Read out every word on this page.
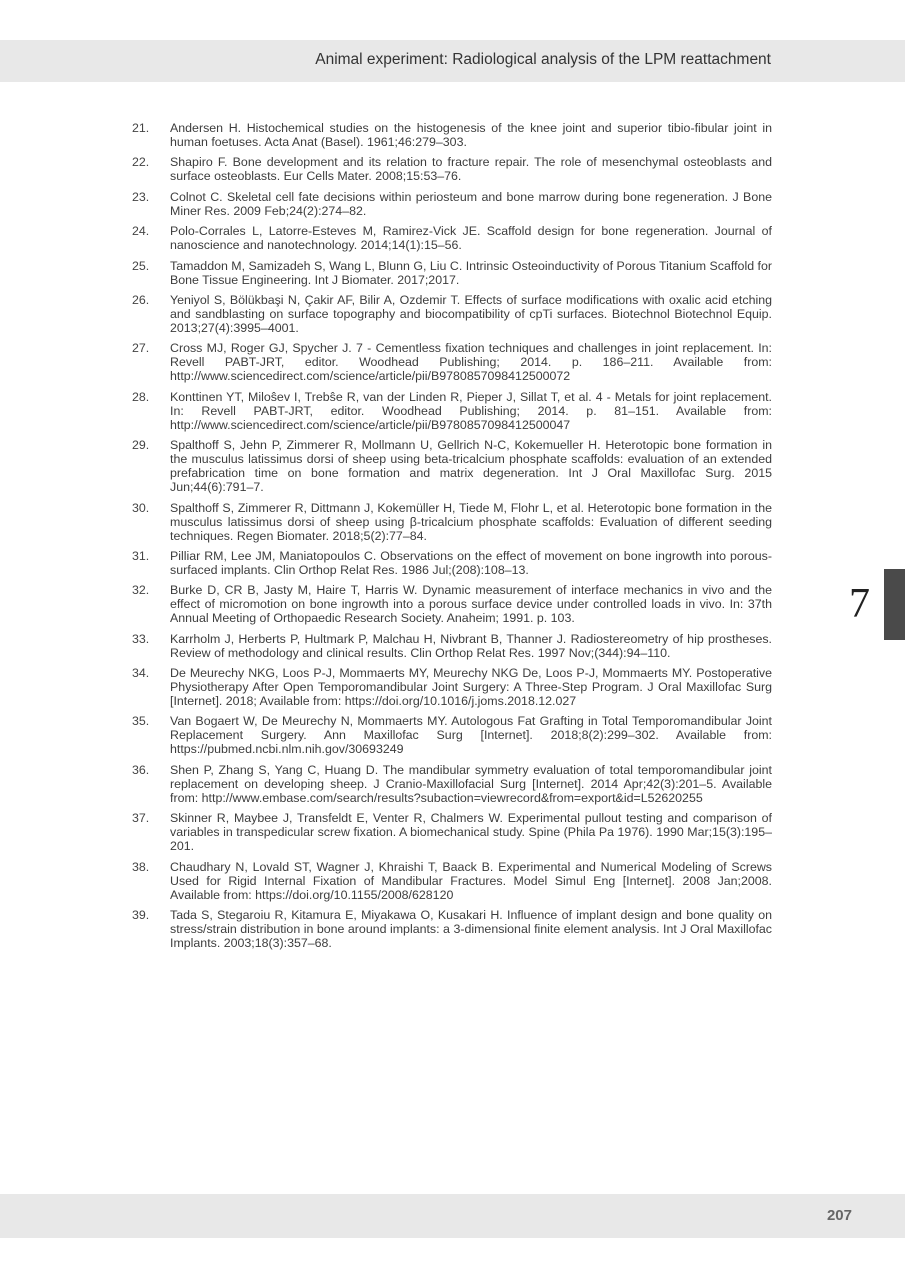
Animal experiment: Radiological analysis of the LPM reattachment
21.	Andersen H. Histochemical studies on the histogenesis of the knee joint and superior tibio-fibular joint in human foetuses. Acta Anat (Basel). 1961;46:279–303.
22.	Shapiro F. Bone development and its relation to fracture repair. The role of mesenchymal osteoblasts and surface osteoblasts. Eur Cells Mater. 2008;15:53–76.
23.	Colnot C. Skeletal cell fate decisions within periosteum and bone marrow during bone regeneration. J Bone Miner Res. 2009 Feb;24(2):274–82.
24.	Polo-Corrales L, Latorre-Esteves M, Ramirez-Vick JE. Scaffold design for bone regeneration. Journal of nanoscience and nanotechnology. 2014;14(1):15–56.
25.	Tamaddon M, Samizadeh S, Wang L, Blunn G, Liu C. Intrinsic Osteoinductivity of Porous Titanium Scaffold for Bone Tissue Engineering. Int J Biomater. 2017;2017.
26.	Yeniyol S, Bölükbaşi N, Çakir AF, Bilir A, Ozdemir T. Effects of surface modifications with oxalic acid etching and sandblasting on surface topography and biocompatibility of cpTi surfaces. Biotechnol Biotechnol Equip. 2013;27(4):3995–4001.
27.	Cross MJ, Roger GJ, Spycher J. 7 - Cementless fixation techniques and challenges in joint replacement. In: Revell PABT-JRT, editor. Woodhead Publishing; 2014. p. 186–211. Available from: http://www.sciencedirect.com/science/article/pii/B9780857098412500072
28.	Konttinen YT, Miloŝev I, Trebŝe R, van der Linden R, Pieper J, Sillat T, et al. 4 - Metals for joint replacement. In: Revell PABT-JRT, editor. Woodhead Publishing; 2014. p. 81–151. Available from: http://www.sciencedirect.com/science/article/pii/B9780857098412500047
29.	Spalthoff S, Jehn P, Zimmerer R, Mollmann U, Gellrich N-C, Kokemueller H. Heterotopic bone formation in the musculus latissimus dorsi of sheep using beta-tricalcium phosphate scaffolds: evaluation of an extended prefabrication time on bone formation and matrix degeneration. Int J Oral Maxillofac Surg. 2015 Jun;44(6):791–7.
30.	Spalthoff S, Zimmerer R, Dittmann J, Kokemüller H, Tiede M, Flohr L, et al. Heterotopic bone formation in the musculus latissimus dorsi of sheep using β-tricalcium phosphate scaffolds: Evaluation of different seeding techniques. Regen Biomater. 2018;5(2):77–84.
31.	Pilliar RM, Lee JM, Maniatopoulos C. Observations on the effect of movement on bone ingrowth into porous-surfaced implants. Clin Orthop Relat Res. 1986 Jul;(208):108–13.
32.	Burke D, CR B, Jasty M, Haire T, Harris W. Dynamic measurement of interface mechanics in vivo and the effect of micromotion on bone ingrowth into a porous surface device under controlled loads in vivo. In: 37th Annual Meeting of Orthopaedic Research Society. Anaheim; 1991. p. 103.
33.	Karrholm J, Herberts P, Hultmark P, Malchau H, Nivbrant B, Thanner J. Radiostereometry of hip prostheses. Review of methodology and clinical results. Clin Orthop Relat Res. 1997 Nov;(344):94–110.
34.	De Meurechy NKG, Loos P-J, Mommaerts MY, Meurechy NKG De, Loos P-J, Mommaerts MY. Postoperative Physiotherapy After Open Temporomandibular Joint Surgery: A Three-Step Program. J Oral Maxillofac Surg [Internet]. 2018; Available from: https://doi.org/10.1016/j.joms.2018.12.027
35.	Van Bogaert W, De Meurechy N, Mommaerts MY. Autologous Fat Grafting in Total Temporomandibular Joint Replacement Surgery. Ann Maxillofac Surg [Internet]. 2018;8(2):299–302. Available from: https://pubmed.ncbi.nlm.nih.gov/30693249
36.	Shen P, Zhang S, Yang C, Huang D. The mandibular symmetry evaluation of total temporomandibular joint replacement on developing sheep. J Cranio-Maxillofacial Surg [Internet]. 2014 Apr;42(3):201–5. Available from: http://www.embase.com/search/results?subaction=viewrecord&from=export&id=L52620255
37.	Skinner R, Maybee J, Transfeldt E, Venter R, Chalmers W. Experimental pullout testing and comparison of variables in transpedicular screw fixation. A biomechanical study. Spine (Phila Pa 1976). 1990 Mar;15(3):195–201.
38.	Chaudhary N, Lovald ST, Wagner J, Khraishi T, Baack B. Experimental and Numerical Modeling of Screws Used for Rigid Internal Fixation of Mandibular Fractures. Model Simul Eng [Internet]. 2008 Jan;2008. Available from: https://doi.org/10.1155/2008/628120
39.	Tada S, Stegaroiu R, Kitamura E, Miyakawa O, Kusakari H. Influence of implant design and bone quality on stress/strain distribution in bone around implants: a 3-dimensional finite element analysis. Int J Oral Maxillofac Implants. 2003;18(3):357–68.
7
207
